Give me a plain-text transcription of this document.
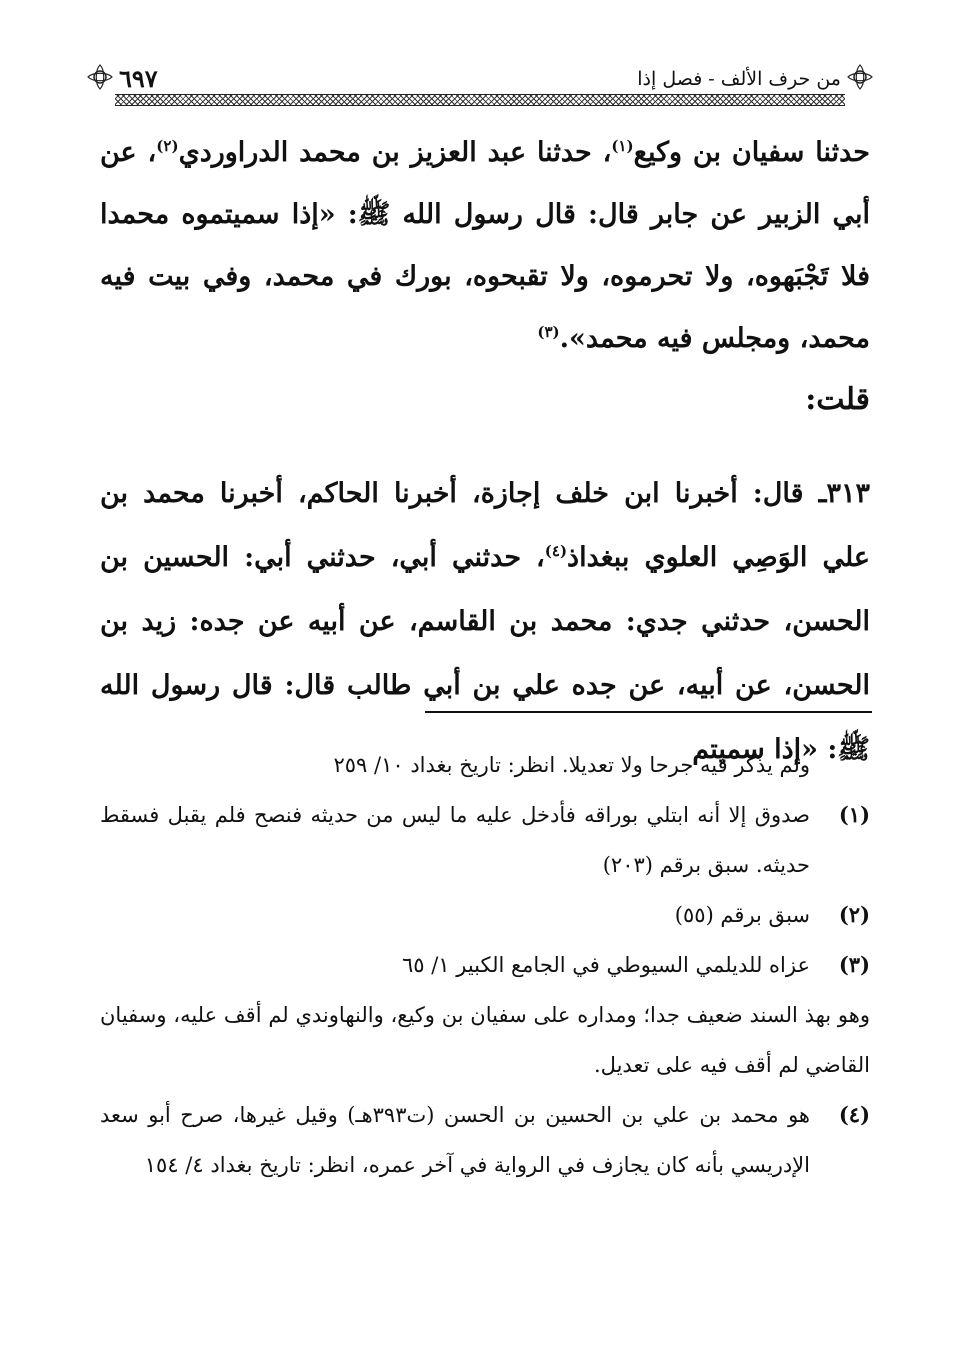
من حرف الألف - فصل إذا
٦٩٧

حدثنا سفيان بن وكيع$^{(١)}$، حدثنا عبد العزيز بن محمد الدراوردي$^{(٢)}$، عن أبي الزبير عن جابر قال: قال رسول الله ﷺ: «إذا سميتموه محمدا فلا تَجْبَهوه، ولا تحرموه، ولا تقبحوه، بورك في محمد، وفي بيت فيه محمد، ومجلس فيه محمد».$^{(٣)}$

قلت:

٣١٣ـ قال: أخبرنا ابن خلف إجازة، أخبرنا الحاكم، أخبرنا محمد بن علي الوَصِي العلوي ببغداذ$^{(٤)}$، حدثني أبي، حدثني أبي: الحسين بن الحسن، حدثني جدي: محمد بن القاسم، عن أبيه عن جده: زيد بن الحسن، عن أبيه، عن جده علي بن أبي طالب قال: قال رسول الله ﷺ: «إذا سميتم

ولم يذكر فيه جرحا ولا تعديلا. انظر: تاريخ بغداد ١٠/ ٢٥٩

(١)
صدوق إلا أنه ابتلي بوراقه فأدخل عليه ما ليس من حديثه فنصح فلم يقبل فسقط حديثه. سبق برقم (٢٠٣)
(٢)
سبق برقم (٥٥)
(٣)
عزاه للديلمي السيوطي في الجامع الكبير ١/ ٦٥

وهو بهذ السند ضعيف جدا؛ ومداره على سفيان بن وكيع، والنهاوندي لم أقف عليه، وسفيان القاضي لم أقف فيه على تعديل.

(٤)
هو محمد بن علي بن الحسين بن الحسن (ت٣٩٣هـ) وقيل غيرها، صرح أبو سعد الإدريسي بأنه كان يجازف في الرواية في آخر عمره، انظر: تاريخ بغداد ٤/ ١٥٤
